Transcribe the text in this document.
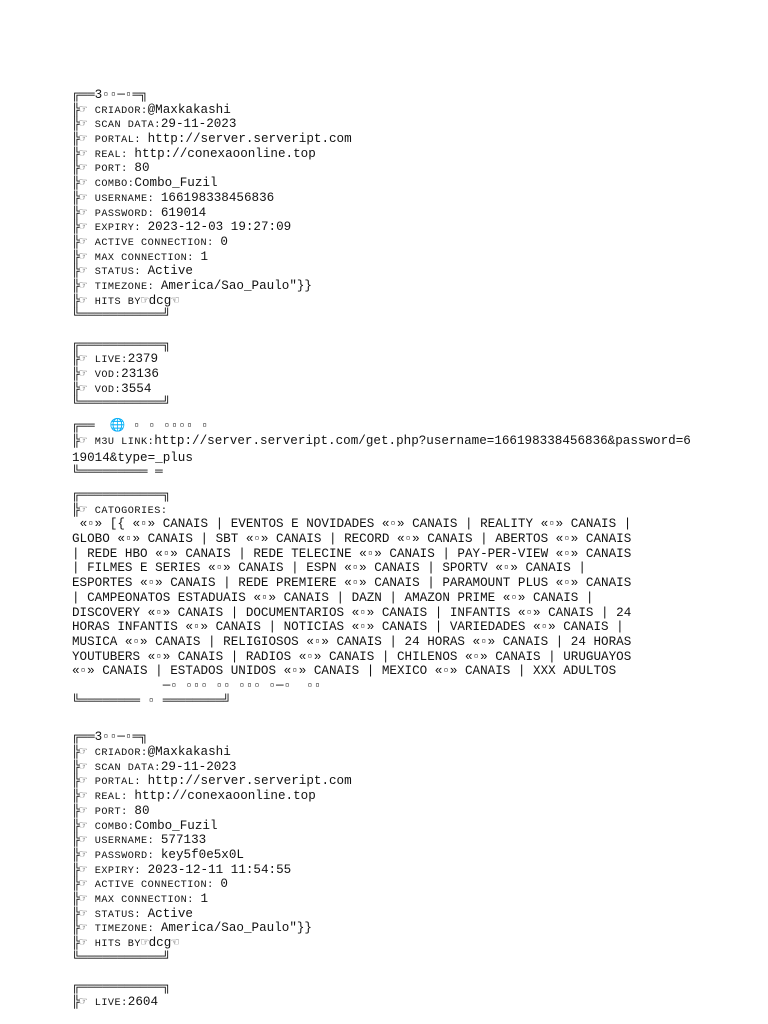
╔══3▫▫─▫═╗
╠☞ CRIADOR:@Maxkakashi
╠☞ SCAN DATA:29-11-2023
╠☞ PORTAL: http://server.serveript.com
╠☞ REAL: http://conexaoonline.top
╠☞ PORT: 80
╠☞ COMBO:Combo_Fuzil
╠☞ USERNAME: 166198338456836
╠☞ PASSWORD: 619014
╠☞ EXPIRY: 2023-12-03 19:27:09
╠☞ ACTIVE CONNECTION: 0
╠☞ MAX CONNECTION: 1
╠☞ STATUS: Active
╠☞ TIMEZONE: America/Sao_Paulo"}}
╠☞ HITS BY☞dcg☜
╚═══════════╝
╔═══════════╗
╠☞ LIVE:2379
╠☞ VOD:23136
╠☞ VOD:3554
╚═══════════╝
╔══  🌐 ▫ ▫ ▫▫▫▫ ▫
╠☞ M3U LINK:http://server.serveript.com/get.php?username=166198338456836&password=619014&type=_plus
╚═════════ ═
╔═══════════╗
╠☞ CATOGORIES:
«▫» [{ «▫» CANAIS | EVENTOS E NOVIDADES «▫» CANAIS | REALITY «▫» CANAIS | GLOBO «▫» CANAIS | SBT «▫» CANAIS | RECORD «▫» CANAIS | ABERTOS «▫» CANAIS | REDE HBO «▫» CANAIS | REDE TELECINE «▫» CANAIS | PAY-PER-VIEW «▫» CANAIS | FILMES E SERIES «▫» CANAIS | ESPN «▫» CANAIS | SPORTV «▫» CANAIS | ESPORTES «▫» CANAIS | REDE PREMIERE «▫» CANAIS | PARAMOUNT PLUS «▫» CANAIS | CAMPEONATOS ESTADUAIS «▫» CANAIS | DAZN | AMAZON PRIME «▫» CANAIS | DISCOVERY «▫» CANAIS | DOCUMENTARIOS «▫» CANAIS | INFANTIS «▫» CANAIS | 24 HORAS INFANTIS «▫» CANAIS | NOTICIAS «▫» CANAIS | VARIEDADES «▫» CANAIS | MUSICA «▫» CANAIS | RELIGIOSOS «▫» CANAIS | 24 HORAS «▫» CANAIS | 24 HORAS YOUTUBERS «▫» CANAIS | RADIOS «▫» CANAIS | CHILENOS «▫» CANAIS | URUGUAYOS «▫» CANAIS | ESTADOS UNIDOS «▫» CANAIS | MEXICO «▫» CANAIS | XXX ADULTOS
─▫ ▫▫▫ ▫▫ ▫▫▫ ▫─▫  ▫▫
╚════════ ▫ ════════╝
╔══3▫▫─▫═╗
╠☞ CRIADOR:@Maxkakashi
╠☞ SCAN DATA:29-11-2023
╠☞ PORTAL: http://server.serveript.com
╠☞ REAL: http://conexaoonline.top
╠☞ PORT: 80
╠☞ COMBO:Combo_Fuzil
╠☞ USERNAME: 577133
╠☞ PASSWORD: key5f0e5x0L
╠☞ EXPIRY: 2023-12-11 11:54:55
╠☞ ACTIVE CONNECTION: 0
╠☞ MAX CONNECTION: 1
╠☞ STATUS: Active
╠☞ TIMEZONE: America/Sao_Paulo"}}
╠☞ HITS BY☞dcg☜
╚═══════════╝
╔═══════════╗
╠☞ LIVE:2604
